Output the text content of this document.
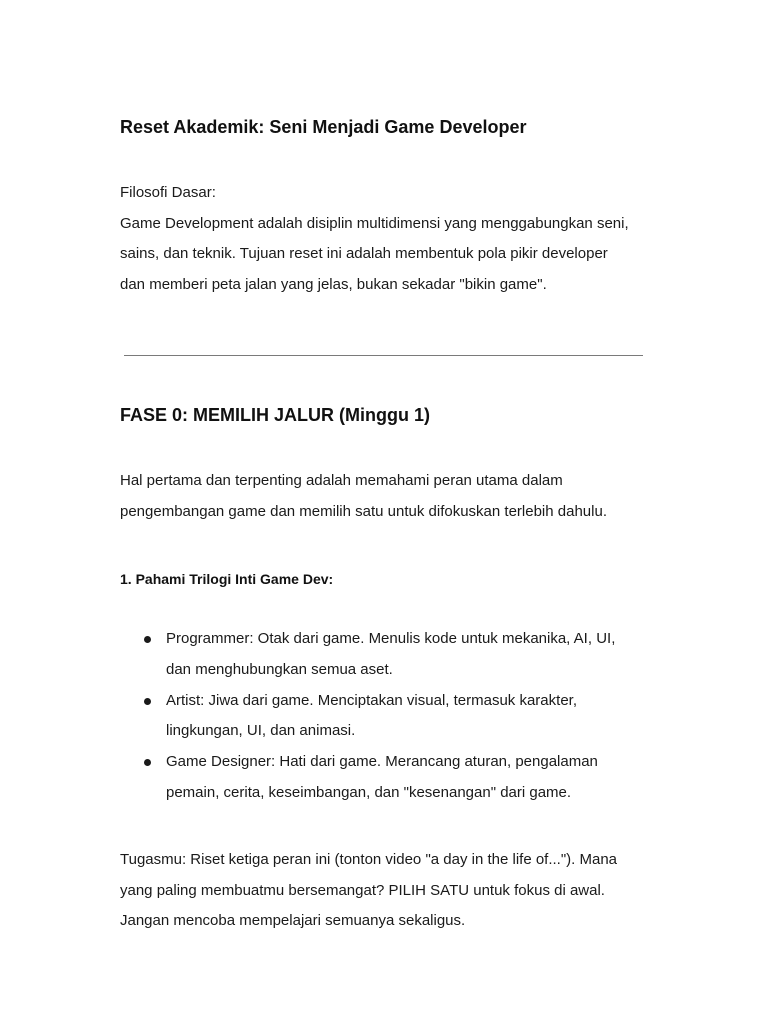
Reset Akademik: Seni Menjadi Game Developer

Filosofi Dasar:
Game Development adalah disiplin multidimensi yang menggabungkan seni,
sains, dan teknik. Tujuan reset ini adalah membentuk pola pikir developer
dan memberi peta jalan yang jelas, bukan sekadar "bikin game".

FASE 0: MEMILIH JALUR (Minggu 1)

Hal pertama dan terpenting adalah memahami peran utama dalam
pengembangan game dan memilih satu untuk difokuskan terlebih dahulu.

1. Pahami Trilogi Inti Game Dev:
Programmer: Otak dari game. Menulis kode untuk mekanika, AI, UI,
dan menghubungkan semua aset.
Artist: Jiwa dari game. Menciptakan visual, termasuk karakter,
lingkungan, UI, dan animasi.
Game Designer: Hati dari game. Merancang aturan, pengalaman
pemain, cerita, keseimbangan, dan "kesenangan" dari game.

Tugasmu: Riset ketiga peran ini (tonton video "a day in the life of..."). Mana
yang paling membuatmu bersemangat? PILIH SATU untuk fokus di awal.
Jangan mencoba mempelajari semuanya sekaligus.
